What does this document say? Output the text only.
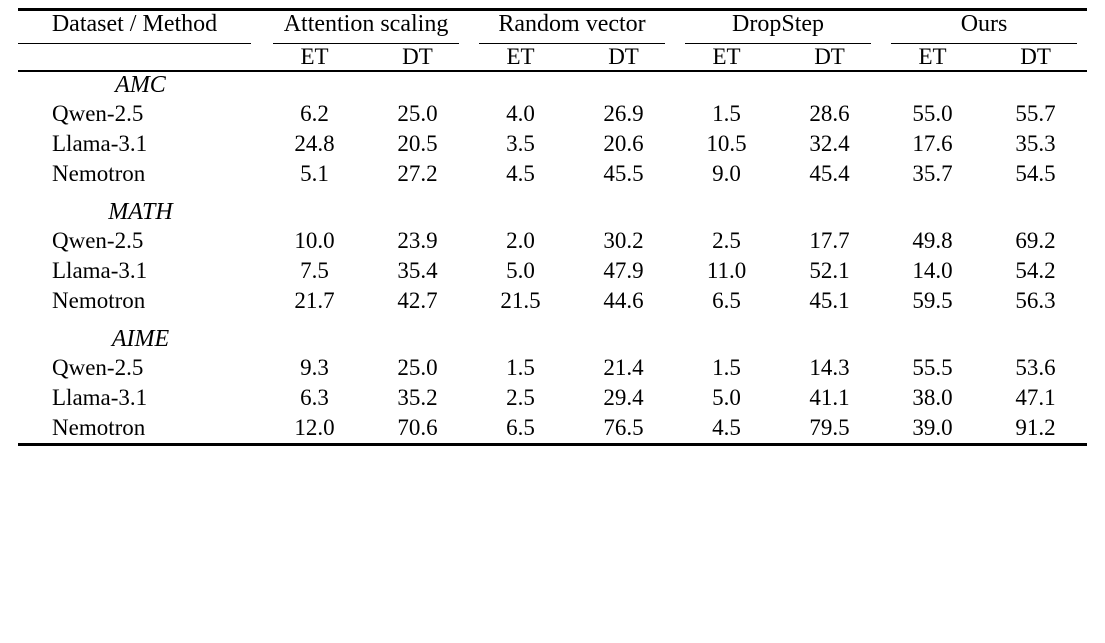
Dataset / Method	Attention scaling		Random vector		DropStep		Ours	

	ET	DT	ET	DT	ET	DT	ET	DT
AMC								
Qwen-2.5	6.2	25.0	4.0	26.9	1.5	28.6	55.0	55.7
Llama-3.1	24.8	20.5	3.5	20.6	10.5	32.4	17.6	35.3
Nemotron	5.1	27.2	4.5	45.5	9.0	45.4	35.7	54.5

MATH								
Qwen-2.5	10.0	23.9	2.0	30.2	2.5	17.7	49.8	69.2
Llama-3.1	7.5	35.4	5.0	47.9	11.0	52.1	14.0	54.2
Nemotron	21.7	42.7	21.5	44.6	6.5	45.1	59.5	56.3

AIME								
Qwen-2.5	9.3	25.0	1.5	21.4	1.5	14.3	55.5	53.6
Llama-3.1	6.3	35.2	2.5	29.4	5.0	41.1	38.0	47.1
Nemotron	12.0	70.6	6.5	76.5	4.5	79.5	39.0	91.2
